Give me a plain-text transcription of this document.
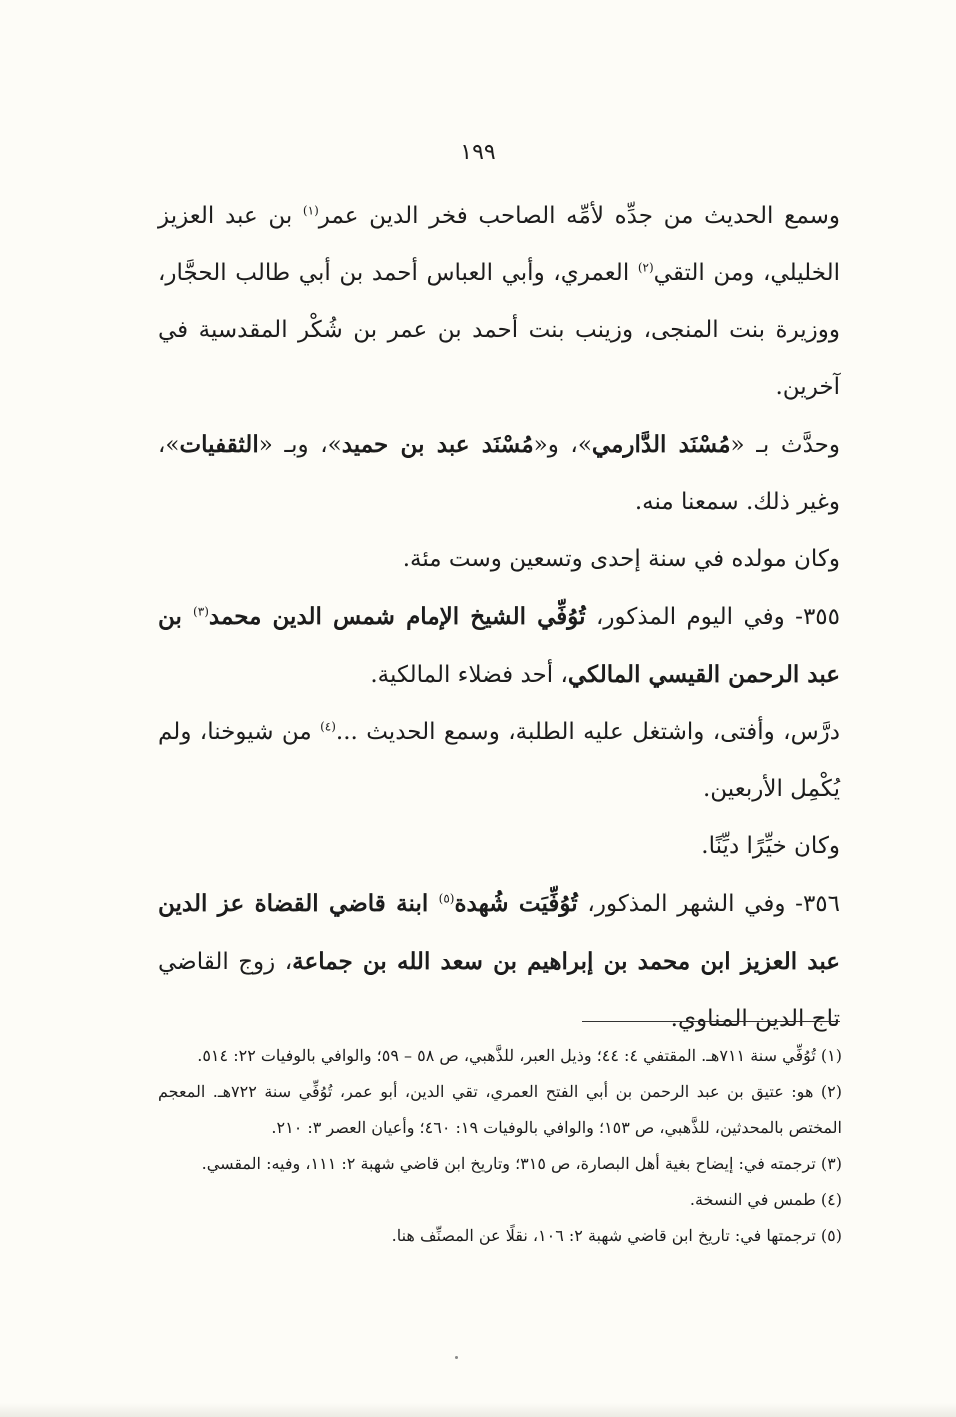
١٩٩

وسمع الحديث من جدِّه لأمِّه الصاحب فخر الدين عمر$^{(١)}$ بن عبد العزيز الخليلي، ومن التقي$^{(٢)}$ العمري، وأبي العباس أحمد بن أبي طالب الحجَّار، ووزيرة بنت المنجى، وزينب بنت أحمد بن عمر بن شُكْر المقدسية في آخرين.

وحدَّث بـ «مُسْنَد الدَّارمي»، و«مُسْنَد عبد بن حميد»، وبـ «الثقفيات»، وغير ذلك. سمعنا منه.

وكان مولده في سنة إحدى وتسعين وست مئة.

٣٥٥- وفي اليوم المذكور، تُوُفِّي الشيخ الإمام شمس الدين محمد$^{(٣)}$ بن عبد الرحمن القيسي المالكي، أحد فضلاء المالكية.

درَّس، وأفتى، واشتغل عليه الطلبة، وسمع الحديث ...$^{(٤)}$ من شيوخنا، ولم يُكْمِل الأربعين.

وكان خيِّرًا ديِّنًا.

٣٥٦- وفي الشهر المذكور، تُوُفِّيَت شُهدة$^{(٥)}$ ابنة قاضي القضاة عز الدين عبد العزيز ابن محمد بن إبراهيم بن سعد الله بن جماعة، زوج القاضي تاج الدين المناوي.

(١) تُوُفِّي سنة ٧١١هـ. المقتفي ٤: ٤٤؛ وذيل العبر، للذَّهبي، ص ٥٨ – ٥٩؛ والوافي بالوفيات ٢٢: ٥١٤.

(٢) هو: عتيق بن عبد الرحمن بن أبي الفتح العمري، تقي الدين، أبو عمر، تُوُفِّي سنة ٧٢٢هـ. المعجم المختص بالمحدثين، للذَّهبي، ص ١٥٣؛ والوافي بالوفيات ١٩: ٤٦٠؛ وأعيان العصر ٣: ٢١٠.

(٣) ترجمته في: إيضاح بغية أهل البصارة، ص ٣١٥؛ وتاريخ ابن قاضي شهبة ٢: ١١١، وفيه: المقسي.

(٤) طمس في النسخة.

(٥) ترجمتها في: تاريخ ابن قاضي شهبة ٢: ١٠٦، نقلًا عن المصنِّف هنا.
